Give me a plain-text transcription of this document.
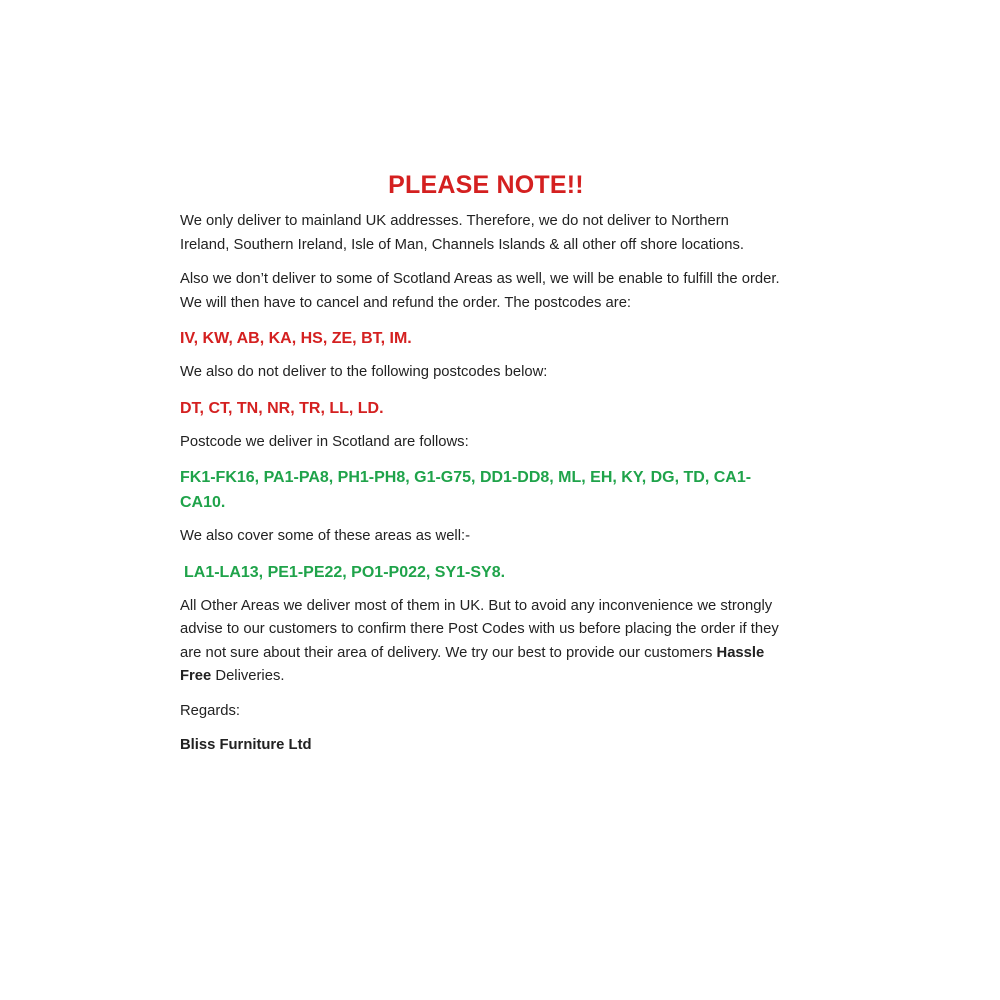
PLEASE NOTE!!

We only deliver to mainland UK addresses. Therefore, we do not deliver to Northern Ireland, Southern Ireland, Isle of Man, Channels Islands & all other off shore locations.

Also we don’t deliver to some of Scotland Areas as well, we will be enable to fulfill the order. We will then have to cancel and refund the order. The postcodes are:

IV, KW, AB, KA, HS, ZE, BT, IM.

We also do not deliver to the following postcodes below:

DT, CT, TN, NR, TR, LL, LD.

Postcode we deliver in Scotland are follows:

FK1-FK16, PA1-PA8, PH1-PH8, G1-G75, DD1-DD8, ML, EH, KY, DG, TD, CA1-CA10.

We also cover some of these areas as well:-

LA1-LA13, PE1-PE22, PO1-P022, SY1-SY8.

All Other Areas we deliver most of them in UK. But to avoid any inconvenience we strongly advise to our customers to confirm there Post Codes with us before placing the order if they are not sure about their area of delivery. We try our best to provide our customers Hassle Free Deliveries.

Regards:

Bliss Furniture Ltd
